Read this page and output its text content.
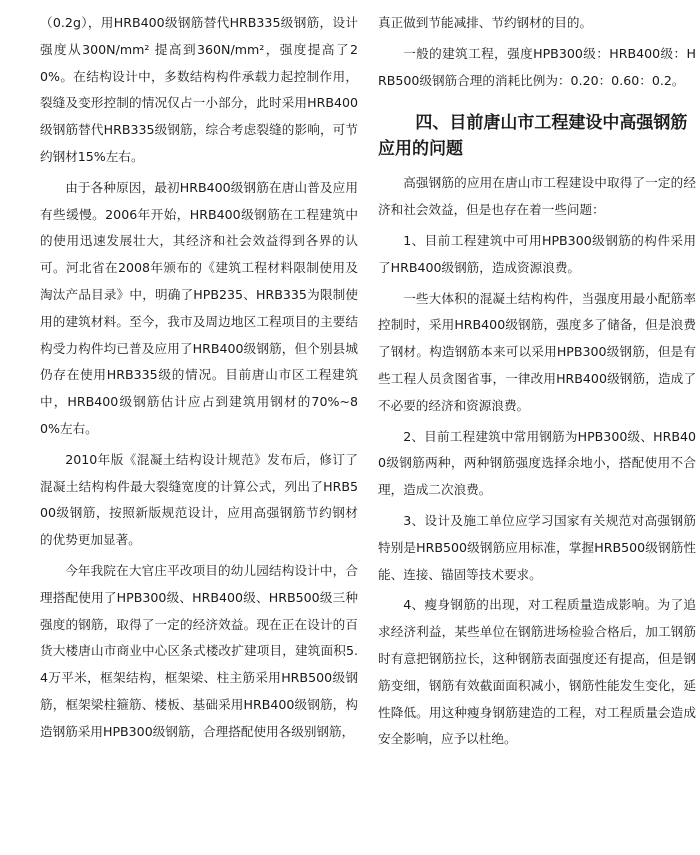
（0.2g），用HRB400级钢筋替代HRB335级钢筋，设计强度从300N/mm² 提高到360N/mm²，强度提高了20%。在结构设计中，多数结构构件承载力起控制作用，裂缝及变形控制的情况仅占一小部分，此时采用HRB400级钢筋替代HRB335级钢筋，综合考虑裂缝的影响，可节约钢材15%左右。

由于各种原因，最初HRB400级钢筋在唐山普及应用有些缓慢。2006年开始，HRB400级钢筋在工程建筑中的使用迅速发展壮大，其经济和社会效益得到各界的认可。河北省在2008年颁布的《建筑工程材料限制使用及淘汰产品目录》中，明确了HPB235、HRB335为限制使用的建筑材料。至今，我市及周边地区工程项目的主要结构受力构件均已普及应用了HRB400级钢筋，但个别县城仍存在使用HRB335级的情况。目前唐山市区工程建筑中，HRB400级钢筋估计应占到建筑用钢材的70%~80%左右。

2010年版《混凝土结构设计规范》发布后，修订了混凝土结构构件最大裂缝宽度的计算公式，列出了HRB500级钢筋，按照新版规范设计，应用高强钢筋节约钢材的优势更加显著。

今年我院在大官庄平改项目的幼儿园结构设计中，合理搭配使用了HPB300级、HRB400级、HRB500级三种强度的钢筋，取得了一定的经济效益。现在正在设计的百货大楼唐山市商业中心区条式楼改扩建项目，建筑面积5.4万平米，框架结构，框架梁、柱主筋采用HRB500级钢筋，框架梁柱箍筋、楼板、基础采用HRB400级钢筋，构造钢筋采用HPB300级钢筋，合理搭配使用各级别钢筋，

真正做到节能减排、节约钢材的目的。

一般的建筑工程，强度HPB300级：HRB400级：HRB500级钢筋合理的消耗比例为：0.20：0.60：0.2。

四、目前唐山市工程建设中高强钢筋应用的问题

高强钢筋的应用在唐山市工程建设中取得了一定的经济和社会效益，但是也存在着一些问题：

1、目前工程建筑中可用HPB300级钢筋的构件采用了HRB400级钢筋，造成资源浪费。

一些大体积的混凝土结构构件，当强度用最小配筋率控制时，采用HRB400级钢筋，强度多了储备，但是浪费了钢材。构造钢筋本来可以采用HPB300级钢筋，但是有些工程人员贪图省事，一律改用HRB400级钢筋，造成了不必要的经济和资源浪费。

2、目前工程建筑中常用钢筋为HPB300级、HRB400级钢筋两种，两种钢筋强度选择余地小，搭配使用不合理，造成二次浪费。

3、设计及施工单位应学习国家有关规范对高强钢筋特别是HRB500级钢筋应用标准，掌握HRB500级钢筋性能、连接、锚固等技术要求。

4、瘦身钢筋的出现，对工程质量造成影响。为了追求经济利益，某些单位在钢筋进场检验合格后，加工钢筋时有意把钢筋拉长，这种钢筋表面强度还有提高，但是钢筋变细，钢筋有效截面面积减小，钢筋性能发生变化，延性降低。用这种瘦身钢筋建造的工程，对工程质量会造成安全影响，应予以杜绝。
